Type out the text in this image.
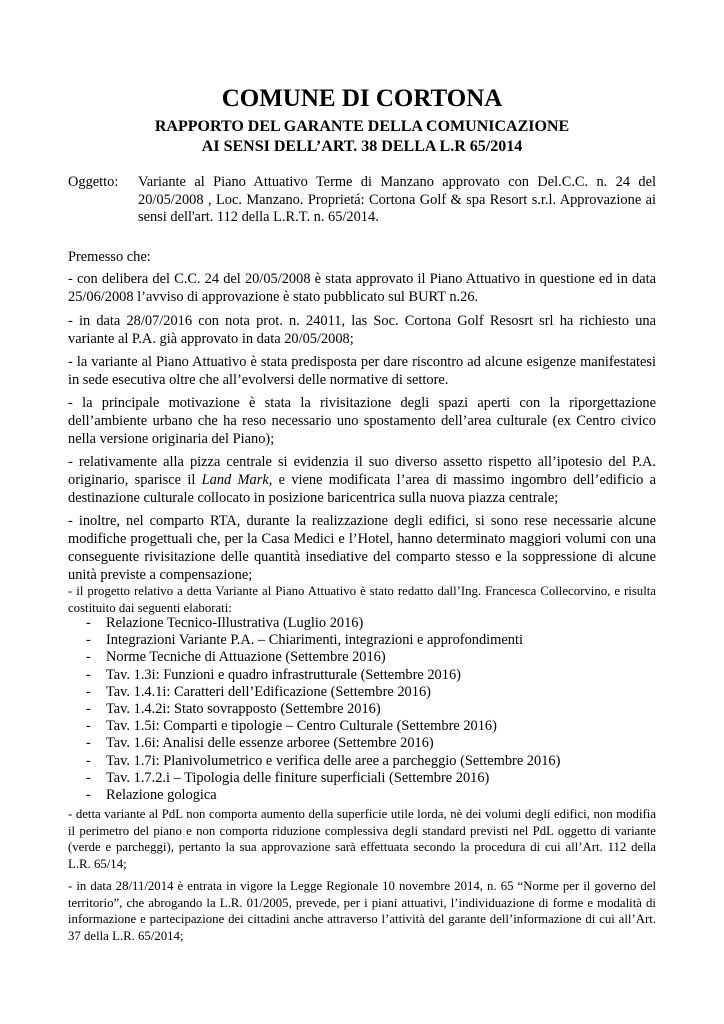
COMUNE DI CORTONA
RAPPORTO DEL GARANTE DELLA COMUNICAZIONE
AI SENSI DELL’ART. 38 DELLA L.R 65/2014
Oggetto: Variante al Piano Attuativo Terme di Manzano approvato con Del.C.C. n. 24 del 20/05/2008 , Loc. Manzano. Proprietá: Cortona Golf & spa Resort s.r.l. Approvazione ai sensi dell'art. 112 della L.R.T. n. 65/2014.
Premesso che:
- con delibera del C.C. 24 del 20/05/2008 è stata approvato il Piano Attuativo in questione ed in data 25/06/2008 l’avviso di approvazione è stato pubblicato sul BURT n.26.
- in data 28/07/2016 con nota prot. n. 24011, las Soc. Cortona Golf Resosrt srl ha richiesto una variante al P.A. già approvato in data 20/05/2008;
- la variante al Piano Attuativo è stata predisposta per dare riscontro ad alcune esigenze manifestatesi in sede esecutiva oltre che all’evolversi delle normative di settore.
- la principale motivazione è stata la rivisitazione degli spazi aperti con la riporgettazione dell’ambiente urbano che ha reso necessario uno spostamento dell’area culturale (ex Centro civico nella versione originaria del Piano);
- relativamente alla pizza centrale si evidenzia il suo diverso assetto rispetto all’ipotesio del P.A. originario, sparisce il Land Mark, e viene modificata l’area di massimo ingombro dell’edificio a destinazione culturale collocato in posizione baricentrica sulla nuova piazza centrale;
- inoltre, nel comparto RTA, durante la realizzazione degli edifici, si sono rese necessarie alcune modifiche progettuali che, per la Casa Medici e l’Hotel, hanno determinato maggiori volumi con una conseguente rivisitazione delle quantità insediative del comparto stesso e la soppressione di alcune unità previste a compensazione;
- il progetto relativo a detta Variante al Piano Attuativo è stato redatto dall’Ing. Francesca Collecorvino, e risulta costituito dai seguenti elaborati:
- Relazione Tecnico-Illustrativa (Luglio 2016)
- Integrazioni Variante P.A. – Chiarimenti, integrazioni e approfondimenti
- Norme Tecniche di Attuazione (Settembre 2016)
- Tav. 1.3i: Funzioni e quadro infrastrutturale (Settembre 2016)
- Tav. 1.4.1i: Caratteri dell’Edificazione (Settembre 2016)
- Tav. 1.4.2i: Stato sovrapposto (Settembre 2016)
- Tav. 1.5i: Comparti e tipologie – Centro Culturale (Settembre 2016)
- Tav. 1.6i: Analisi delle essenze arboree (Settembre 2016)
- Tav. 1.7i: Planivolumetrico e verifica delle aree a parcheggio (Settembre 2016)
- Tav. 1.7.2.i – Tipologia delle finiture superficiali (Settembre 2016)
- Relazione gologica
- detta variante al PdL non comporta aumento della superficie utile lorda, nè dei volumi degli edifici, non modifia il perimetro del piano e non comporta riduzione complessiva degli standard previsti nel PdL oggetto di variante (verde e parcheggi), pertanto la sua approvazione sarà effettuata secondo la procedura di cui all’Art. 112 della L.R. 65/14;
- in data 28/11/2014 è entrata in vigore la Legge Regionale 10 novembre 2014, n. 65 “Norme per il governo del territorio”, che abrogando la L.R. 01/2005, prevede, per i piani attuativi, l’individuazione di forme e modalità di informazione e partecipazione dei cittadini anche attraverso l’attività del garante dell’informazione di cui all’Art. 37 della L.R. 65/2014;
